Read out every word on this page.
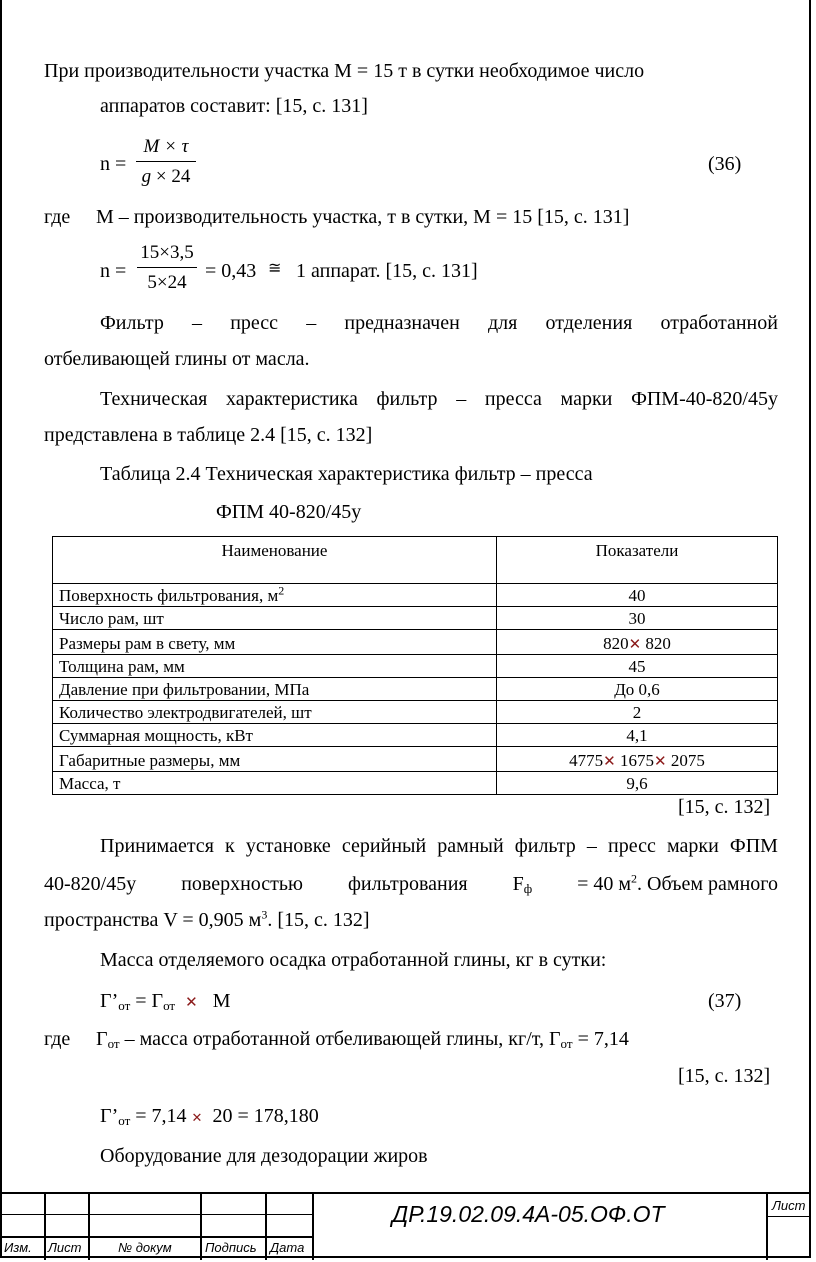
При производительности участка М = 15 т в сутки необходимое число
аппаратов составит: [15, с. 131]
n =
M × τ
g × 24
(36)
где М – производительность участка, т в сутки, М = 15 [15, с. 131]
n =
15×3,5
5×24
= 0,43 ≅ 1 аппарат. [15, с. 131]
Фильтр – пресс – предназначен для отделения отработанной
отбеливающей глины от масла.
Техническая характеристика фильтр – пресса марки ФПМ-40-820/45у
представлена в таблице 2.4 [15, с. 132]
Таблица 2.4 Техническая характеристика фильтр – пресса
ФПМ 40-820/45у
Наименование	Показатели
Поверхность фильтрования, $м^2$	40
Число рам, шт	30
Размеры рам в свету, мм	820✕ 820
Толщина рам, мм	45
Давление при фильтровании, МПа	До 0,6
Количество электродвигателей, шт	2
Суммарная мощность, кВт	4,1
Габаритные размеры, мм	4775✕ 1675✕ 2075
Масса, т	9,6
[15, с. 132]
Принимается к установке серийный рамный фильтр – пресс марки ФПМ
40-820/45у поверхностью фильтрования $F_ф = 40$ $м^2$. Объем рамного
пространства V = 0,905 $м^3$. [15, с. 132]
Масса отделяемого осадка отработанной глины, кг в сутки:
$Г’_{от} = Г_{от}$ ✕ М	(37)
где $Г_{от}$ – масса отработанной отбеливающей глины, кг/т, $Г_{от} = 7,14$
[15, с. 132]
$Г’_{от} = 7,14$ ✕ 20 = 178,180
Оборудование для дезодорации жиров
Изм. Лист	№ докум	Подпись Дата
ДР.19.02.09.4А-05.ОФ.ОТ	Лист
